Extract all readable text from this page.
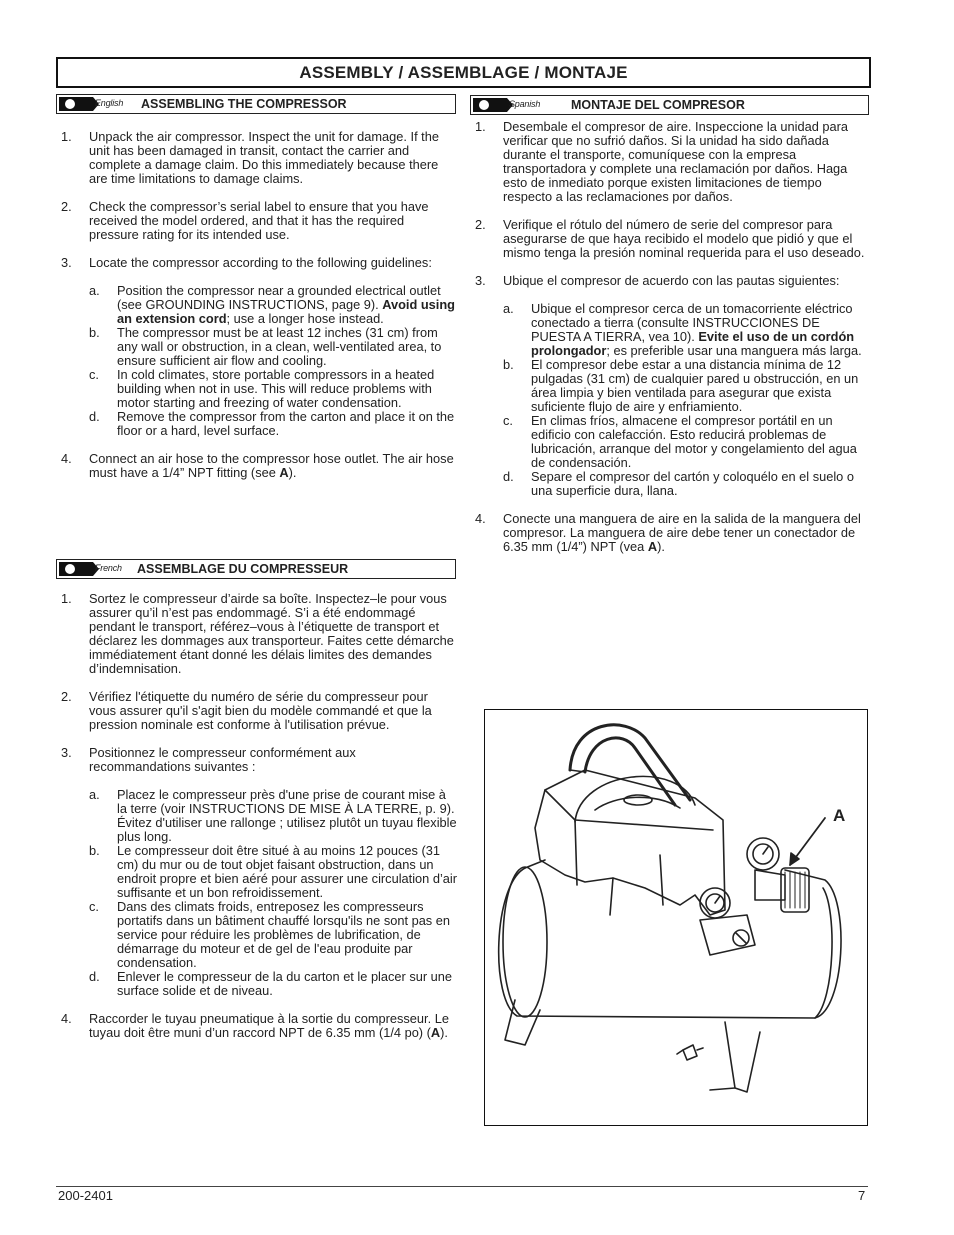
ASSEMBLY / ASSEMBLAGE / MONTAJE
English ASSEMBLING THE COMPRESSOR

1. Unpack the air compressor. Inspect the unit for damage. If the unit has been damaged in transit, contact the carrier and complete a damage claim. Do this immediately because there are time limitations to damage claims.

2. Check the compressor’s serial label to ensure that you have received the model ordered, and that it has the required pressure rating for its intended use.

3. Locate the compressor according to the following guidelines:

a. Position the compressor near a grounded electrical outlet (see GROUNDING INSTRUCTIONS, page 9). Avoid using an extension cord; use a longer hose instead.

b. The compressor must be at least 12 inches (31 cm) from any wall or obstruction, in a clean, well-ventilated area, to ensure sufficient air flow and cooling.

c. In cold climates, store portable compressors in a heated building when not in use. This will reduce problems with motor starting and freezing of water condensation.

d. Remove the compressor from the carton and place it on the floor or a hard, level surface.

4. Connect an air hose to the compressor hose outlet. The air hose must have a 1/4” NPT fitting (see A).

French ASSEMBLAGE DU COMPRESSEUR

1. Sortez le compresseur d’airde sa boîte. Inspectez–le pour vous assurer qu’il n’est pas endommagé. S’i a été endommagé pendant le transport, référez–vous à l’étiquette de transport et déclarez les dommages aux transporteur. Faites cette démarche immédiatement étant donné les délais limites des demandes d’indemnisation.

2. Vérifiez l'étiquette du numéro de série du compresseur pour vous assurer qu'il s'agit bien du modèle commandé et que la pression nominale est conforme à l'utilisation prévue.

3. Positionnez le compresseur conformément aux recommandations suivantes :

a. Placez le compresseur près d'une prise de courant mise à la terre (voir INSTRUCTIONS DE MISE À LA TERRE, p. 9). Évitez d'utiliser une rallonge ; utilisez plutôt un tuyau flexible plus long.

b. Le compresseur doit être situé à au moins 12 pouces (31 cm) du mur ou de tout objet faisant obstruction, dans un endroit propre et bien aéré pour assurer une circulation d’air suffisante et un bon refroidissement.

c. Dans des climats froids, entreposez les compresseurs portatifs dans un bâtiment chauffé lorsqu'ils ne sont pas en service pour réduire les problèmes de lubrification, de démarrage du moteur et de gel de l'eau produite par condensation.

d. Enlever le compresseur de la du carton et le placer sur une surface solide et de niveau.

4. Raccorder le tuyau pneumatique à la sortie du compresseur. Le tuyau doit être muni d’un raccord NPT de 6.35 mm (1/4 po) (A).

Spanish MONTAJE DEL COMPRESOR

1. Desembale el compresor de aire. Inspeccione la unidad para verificar que no sufrió daños. Si la unidad ha sido dañada durante el transporte, comuníquese con la empresa transportadora y complete una reclamación por daños. Haga esto de inmediato porque existen limitaciones de tiempo respecto a las reclamaciones por daños.

2. Verifique el rótulo del número de serie del compresor para asegurarse de que haya recibido el modelo que pidió y que el mismo tenga la presión nominal requerida para el uso deseado.

3. Ubique el compresor de acuerdo con las pautas siguientes:

a. Ubique el compresor cerca de un tomacorriente eléctrico conectado a tierra (consulte INSTRUCCIONES DE PUESTA A TIERRA, vea 10). Evite el uso de un cordón prolongador; es preferible usar una manguera más larga.

b. El compresor debe estar a una distancia mínima de 12 pulgadas (31 cm) de cualquier pared u obstrucción, en un área limpia y bien ventilada para asegurar que exista suficiente flujo de aire y enfriamiento.

c. En climas fríos, almacene el compresor portátil en un edificio con calefacción. Esto reducirá problemas de lubricación, arranque del motor y congelamiento del agua de condensación.

d. Separe el compresor del cartón y coloquélo en el suelo o una superficie dura, llana.

4. Conecte una manguera de aire en la salida de la manguera del compresor. La manguera de aire debe tener un conectador de 6.35 mm (1/4”) NPT (vea A).

A
200-2401	7
